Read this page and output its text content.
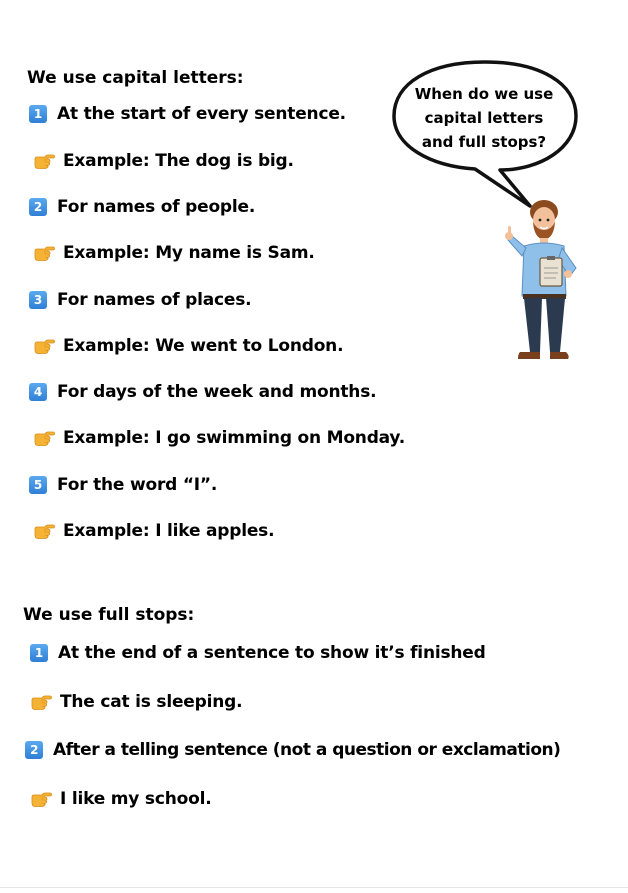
We use capital letters:
1 At the start of every sentence.
Example: The dog is big.
2 For names of people.
Example: My name is Sam.
3 For names of places.
Example: We went to London.
4 For days of the week and months.
Example: I go swimming on Monday.
5 For the word “I”.
Example: I like apples.
We use full stops:
1 At the end of a sentence to show it’s finished
The cat is sleeping.
2 After a telling sentence (not a question or exclamation)
I like my school.
When do we use
capital letters
and full stops?
